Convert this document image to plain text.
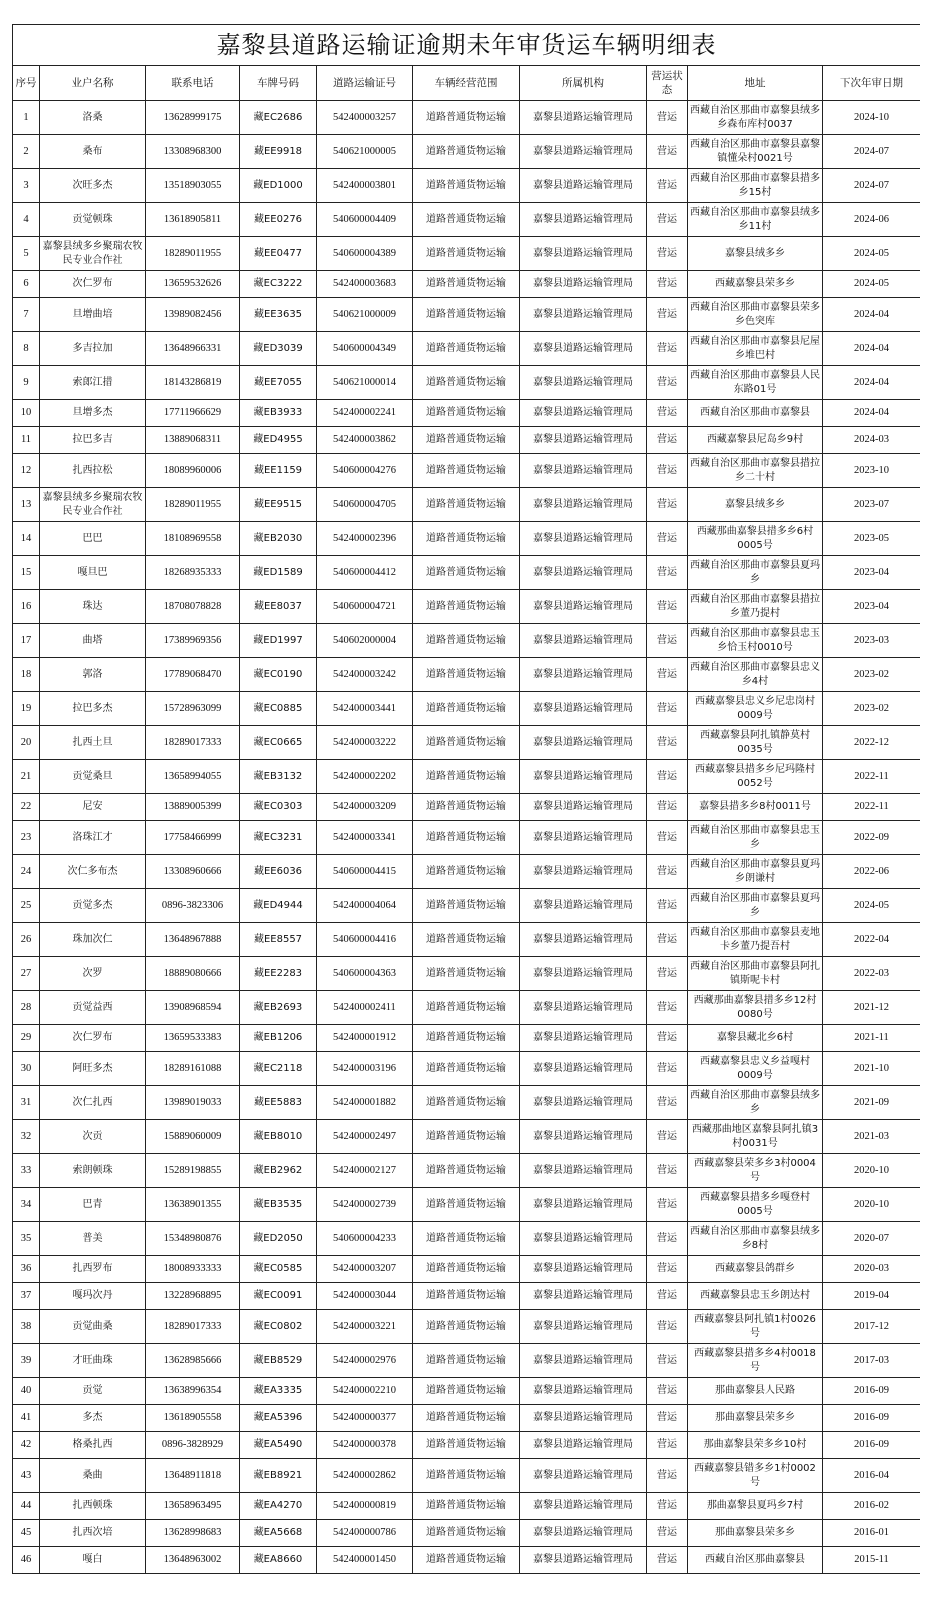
嘉黎县道路运输证逾期未年审货运车辆明细表									
序号	业户名称	联系电话	车牌号码	道路运输证号	车辆经营范围	所属机构	营运状态	地址	下次年审日期
1	洛桑	13628999175	藏EC2686	542400003257	道路普通货物运输	嘉黎县道路运输管理局	营运	西藏自治区那曲市嘉黎县绒多乡森布库村0037	2024-10
2	桑布	13308968300	藏EE9918	540621000005	道路普通货物运输	嘉黎县道路运输管理局	营运	西藏自治区那曲市嘉黎县嘉黎镇懂朵村0021号	2024-07
3	次旺多杰	13518903055	藏ED1000	542400003801	道路普通货物运输	嘉黎县道路运输管理局	营运	西藏自治区那曲市嘉黎县措多乡15村	2024-07
4	贡觉顿珠	13618905811	藏EE0276	540600004409	道路普通货物运输	嘉黎县道路运输管理局	营运	西藏自治区那曲市嘉黎县绒多乡11村	2024-06
5	嘉黎县绒多乡聚瑞农牧民专业合作社	18289011955	藏EE0477	540600004389	道路普通货物运输	嘉黎县道路运输管理局	营运	嘉黎县绒多乡	2024-05
6	次仁罗布	13659532626	藏EC3222	542400003683	道路普通货物运输	嘉黎县道路运输管理局	营运	西藏嘉黎县荣多乡	2024-05
7	旦增曲培	13989082456	藏EE3635	540621000009	道路普通货物运输	嘉黎县道路运输管理局	营运	西藏自治区那曲市嘉黎县荣多乡色突库	2024-04
8	多吉拉加	13648966331	藏ED3039	540600004349	道路普通货物运输	嘉黎县道路运输管理局	营运	西藏自治区那曲市嘉黎县尼屋乡堆巴村	2024-04
9	索郎江措	18143286819	藏EE7055	540621000014	道路普通货物运输	嘉黎县道路运输管理局	营运	西藏自治区那曲市嘉黎县人民东路01号	2024-04
10	旦增多杰	17711966629	藏EB3933	542400002241	道路普通货物运输	嘉黎县道路运输管理局	营运	西藏自治区那曲市嘉黎县	2024-04
11	拉巴多吉	13889068311	藏ED4955	542400003862	道路普通货物运输	嘉黎县道路运输管理局	营运	西藏嘉黎县尼岛乡9村	2024-03
12	扎西拉松	18089960006	藏EE1159	540600004276	道路普通货物运输	嘉黎县道路运输管理局	营运	西藏自治区那曲市嘉黎县措拉乡二十村	2023-10
13	嘉黎县绒多乡聚瑞农牧民专业合作社	18289011955	藏EE9515	540600004705	道路普通货物运输	嘉黎县道路运输管理局	营运	嘉黎县绒多乡	2023-07
14	巴巴	18108969558	藏EB2030	542400002396	道路普通货物运输	嘉黎县道路运输管理局	营运	西藏那曲嘉黎县措多乡6村0005号	2023-05
15	嘎旦巴	18268935333	藏ED1589	540600004412	道路普通货物运输	嘉黎县道路运输管理局	营运	西藏自治区那曲市嘉黎县夏玛乡	2023-04
16	珠达	18708078828	藏EE8037	540600004721	道路普通货物运输	嘉黎县道路运输管理局	营运	西藏自治区那曲市嘉黎县措拉乡董乃提村	2023-04
17	曲塔	17389969356	藏ED1997	540602000004	道路普通货物运输	嘉黎县道路运输管理局	营运	西藏自治区那曲市嘉黎县忠玉乡恰玉村0010号	2023-03
18	郭洛	17789068470	藏EC0190	542400003242	道路普通货物运输	嘉黎县道路运输管理局	营运	西藏自治区那曲市嘉黎县忠义乡4村	2023-02
19	拉巴多杰	15728963099	藏EC0885	542400003441	道路普通货物运输	嘉黎县道路运输管理局	营运	西藏嘉黎县忠义乡尼忠岗村0009号	2023-02
20	扎西土旦	18289017333	藏EC0665	542400003222	道路普通货物运输	嘉黎县道路运输管理局	营运	西藏嘉黎县阿扎镇静莫村0035号	2022-12
21	贡觉桑旦	13658994055	藏EB3132	542400002202	道路普通货物运输	嘉黎县道路运输管理局	营运	西藏嘉黎县措多乡尼玛隆村0052号	2022-11
22	尼安	13889005399	藏EC0303	542400003209	道路普通货物运输	嘉黎县道路运输管理局	营运	嘉黎县措多乡8村0011号	2022-11
23	洛珠江才	17758466999	藏EC3231	542400003341	道路普通货物运输	嘉黎县道路运输管理局	营运	西藏自治区那曲市嘉黎县忠玉乡	2022-09
24	次仁多布杰	13308960666	藏EE6036	540600004415	道路普通货物运输	嘉黎县道路运输管理局	营运	西藏自治区那曲市嘉黎县夏玛乡朗谦村	2022-06
25	贡觉多杰	0896-3823306	藏ED4944	542400004064	道路普通货物运输	嘉黎县道路运输管理局	营运	西藏自治区那曲市嘉黎县夏玛乡	2024-05
26	珠加次仁	13648967888	藏EE8557	540600004416	道路普通货物运输	嘉黎县道路运输管理局	营运	西藏自治区那曲市嘉黎县麦地卡乡董乃提吾村	2022-04
27	次罗	18889080666	藏EE2283	540600004363	道路普通货物运输	嘉黎县道路运输管理局	营运	西藏自治区那曲市嘉黎县阿扎镇斯呢卡村	2022-03
28	贡觉益西	13908968594	藏EB2693	542400002411	道路普通货物运输	嘉黎县道路运输管理局	营运	西藏那曲嘉黎县措多乡12村0080号	2021-12
29	次仁罗布	13659533383	藏EB1206	542400001912	道路普通货物运输	嘉黎县道路运输管理局	营运	嘉黎县藏北乡6村	2021-11
30	阿旺多杰	18289161088	藏EC2118	542400003196	道路普通货物运输	嘉黎县道路运输管理局	营运	西藏嘉黎县忠义乡益嘎村0009号	2021-10
31	次仁扎西	13989019033	藏EE5883	542400001882	道路普通货物运输	嘉黎县道路运输管理局	营运	西藏自治区那曲市嘉黎县绒多乡	2021-09
32	次贡	15889060009	藏EB8010	542400002497	道路普通货物运输	嘉黎县道路运输管理局	营运	西藏那曲地区嘉黎县阿扎镇3村0031号	2021-03
33	索朗顿珠	15289198855	藏EB2962	542400002127	道路普通货物运输	嘉黎县道路运输管理局	营运	西藏嘉黎县荣多乡3村0004号	2020-10
34	巴青	13638901355	藏EB3535	542400002739	道路普通货物运输	嘉黎县道路运输管理局	营运	西藏嘉黎县措多乡嘎登村0005号	2020-10
35	普美	15348980876	藏ED2050	540600004233	道路普通货物运输	嘉黎县道路运输管理局	营运	西藏自治区那曲市嘉黎县绒多乡8村	2020-07
36	扎西罗布	18008933333	藏EC0585	542400003207	道路普通货物运输	嘉黎县道路运输管理局	营运	西藏嘉黎县鸽群乡	2020-03
37	嘎玛次丹	13228968895	藏EC0091	542400003044	道路普通货物运输	嘉黎县道路运输管理局	营运	西藏嘉黎县忠玉乡朗达村	2019-04
38	贡觉曲桑	18289017333	藏EC0802	542400003221	道路普通货物运输	嘉黎县道路运输管理局	营运	西藏嘉黎县阿扎镇1村0026号	2017-12
39	才旺曲珠	13628985666	藏EB8529	542400002976	道路普通货物运输	嘉黎县道路运输管理局	营运	西藏嘉黎县措多乡4村0018号	2017-03
40	贡觉	13638996354	藏EA3335	542400002210	道路普通货物运输	嘉黎县道路运输管理局	营运	那曲嘉黎县人民路	2016-09
41	多杰	13618905558	藏EA5396	542400000377	道路普通货物运输	嘉黎县道路运输管理局	营运	那曲嘉黎县荣多乡	2016-09
42	格桑扎西	0896-3828929	藏EA5490	542400000378	道路普通货物运输	嘉黎县道路运输管理局	营运	那曲嘉黎县荣多乡10村	2016-09
43	桑曲	13648911818	藏EB8921	542400002862	道路普通货物运输	嘉黎县道路运输管理局	营运	西藏嘉黎县错多乡1村0002号	2016-04
44	扎西顿珠	13658963495	藏EA4270	542400000819	道路普通货物运输	嘉黎县道路运输管理局	营运	那曲嘉黎县夏玛乡7村	2016-02
45	扎西次培	13628998683	藏EA5668	542400000786	道路普通货物运输	嘉黎县道路运输管理局	营运	那曲嘉黎县荣多乡	2016-01
46	嘎白	13648963002	藏EA8660	542400001450	道路普通货物运输	嘉黎县道路运输管理局	营运	西藏自治区那曲嘉黎县	2015-11
